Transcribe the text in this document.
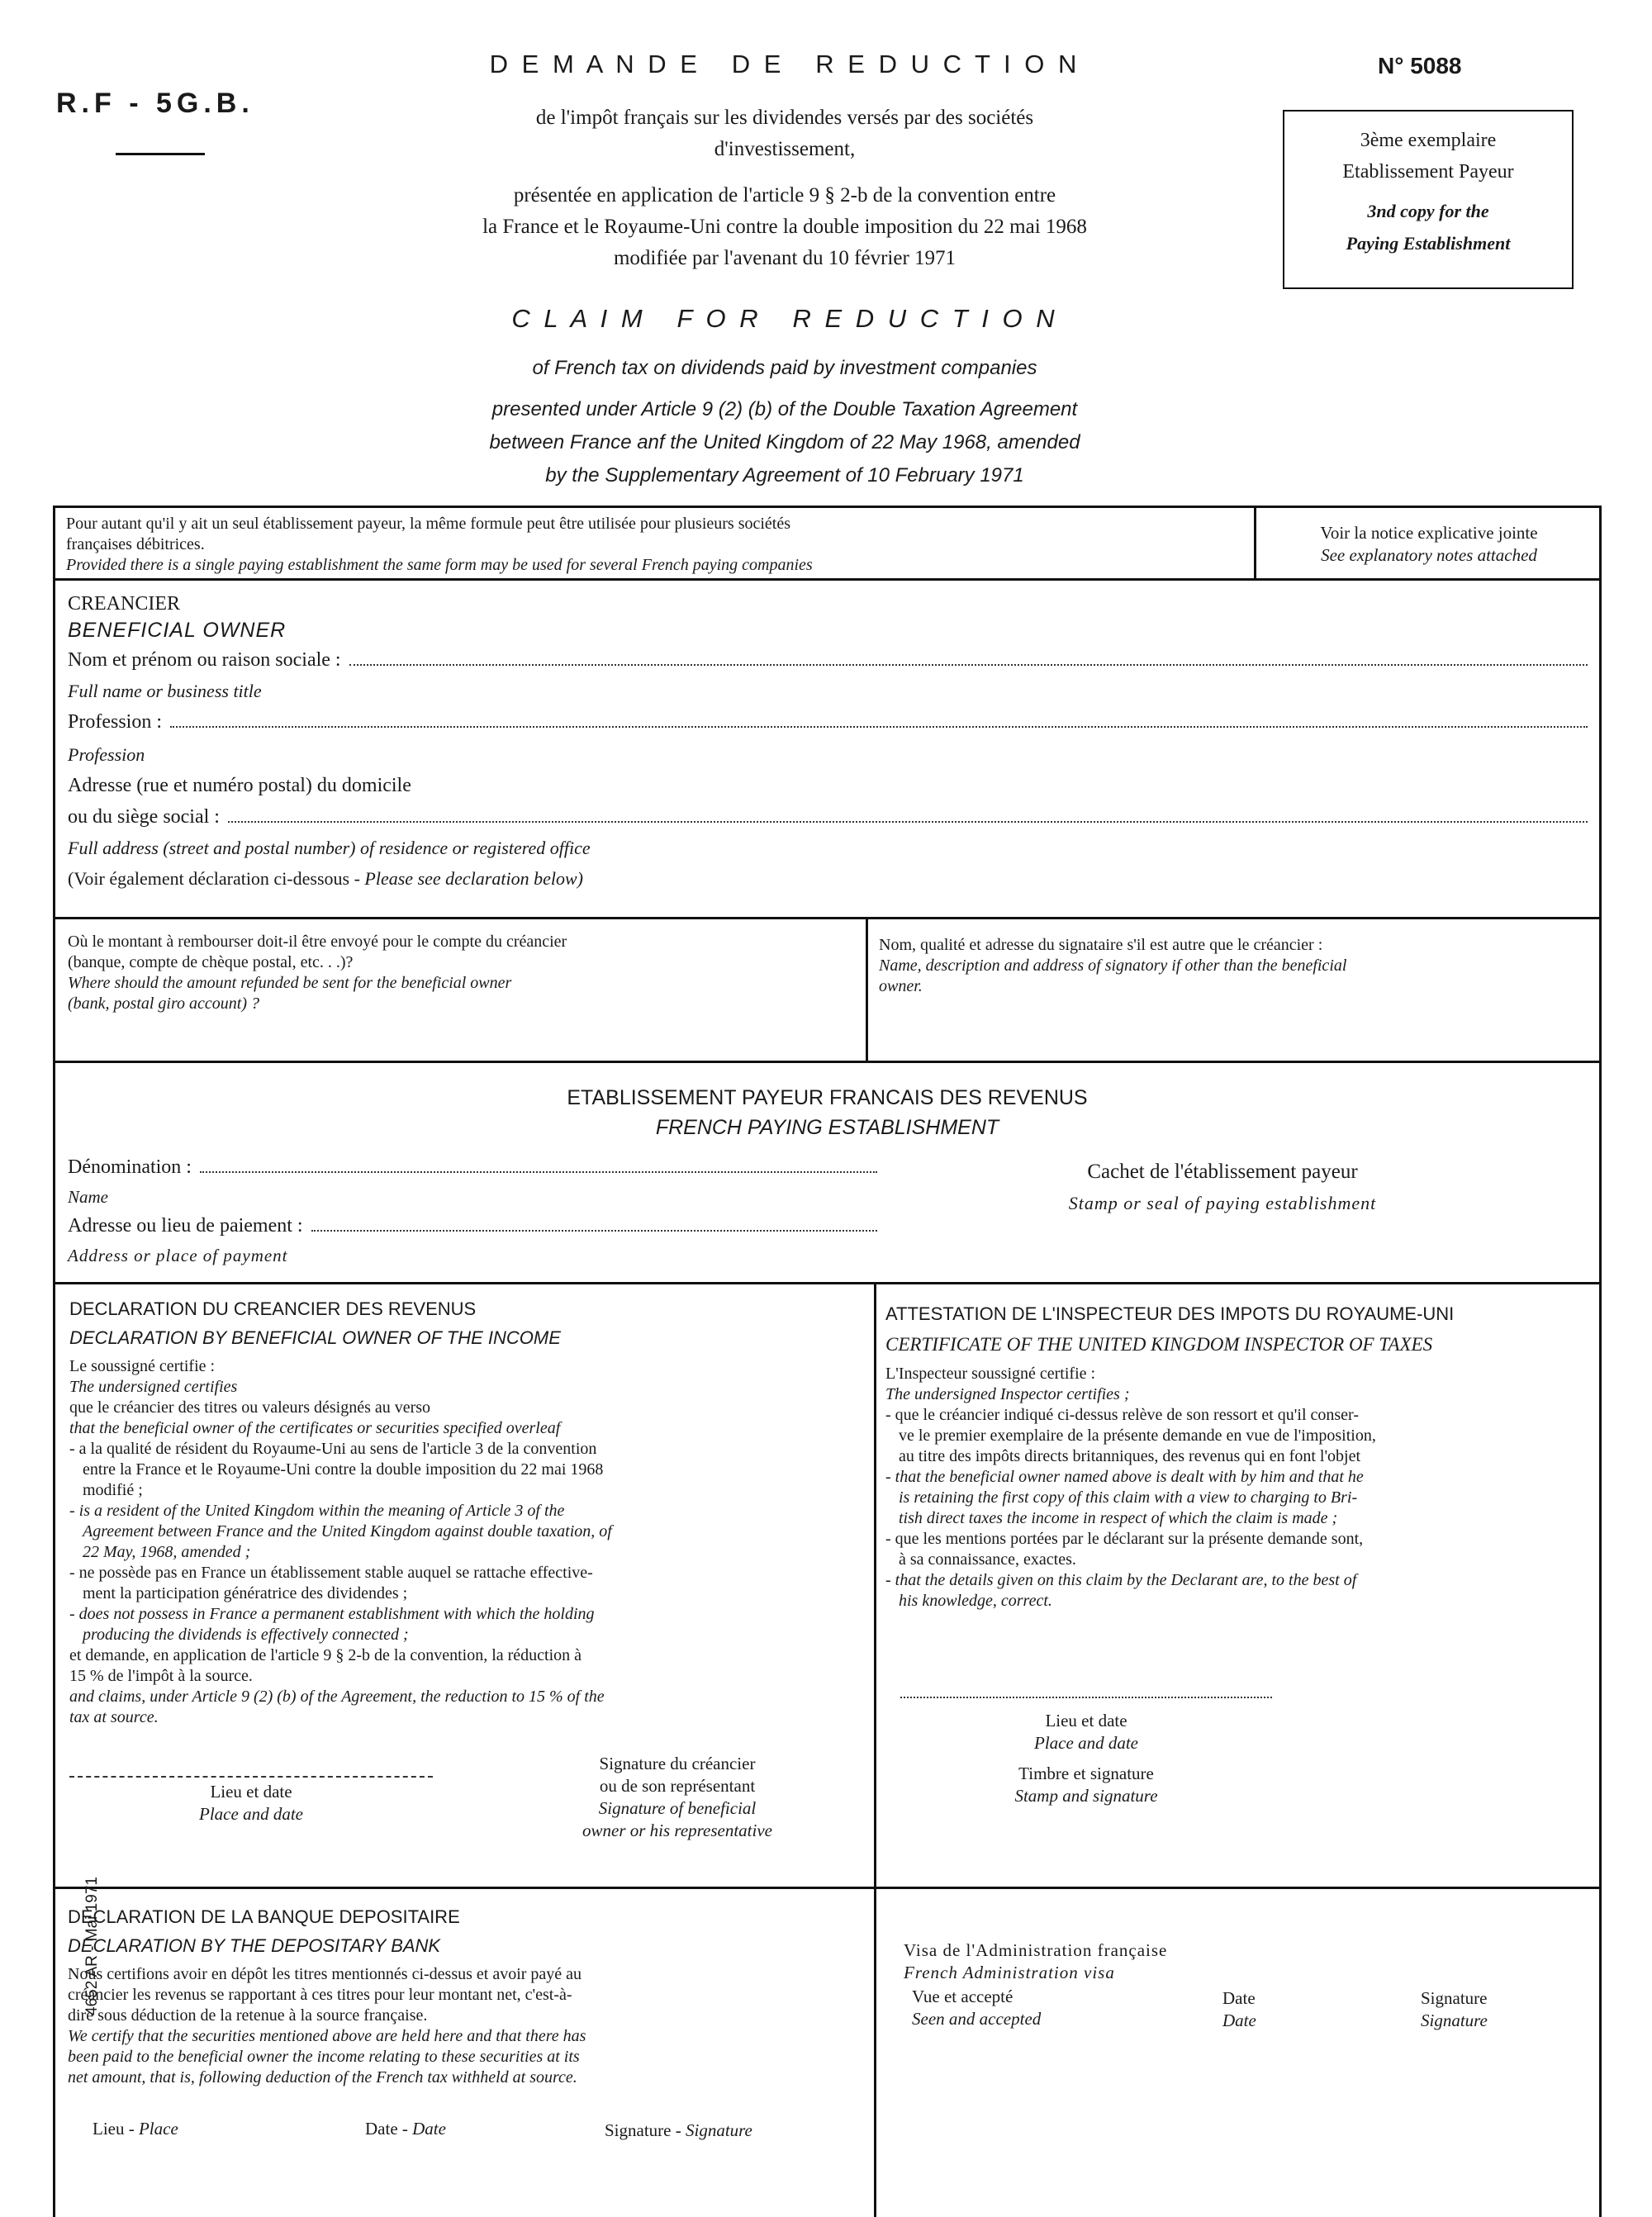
R.F - 5G.B.
D E M A N D E   D E   R E D U C T I O N	N° 5088
de l'impôt français sur les dividendes versés par des sociétés
d'investissement,
présentée en application de l'article 9 § 2-b de la convention entre
la France et le Royaume-Uni contre la double imposition du 22 mai 1968
modifiée par l'avenant du 10 février 1971
3ème exemplaire
Etablissement Payeur
3nd copy for the
Paying Establishment
C L A I M   F O R   R E D U C T I O N
of French tax on dividends paid by investment companies
presented under Article 9 (2) (b) of the Double Taxation Agreement
between France anf the United Kingdom of 22 May 1968, amended
by the Supplementary Agreement of 10 February 1971
Pour autant qu'il y ait un seul établissement payeur, la même formule peut être utilisée pour plusieurs sociétés
françaises débitrices.
Provided there is a single paying establishment the same form may be used for several French paying companies
Voir la notice explicative jointe
See explanatory notes attached
CREANCIER
BENEFICIAL OWNER
Nom et prénom ou raison sociale :
Full name or business title
Profession :
Profession
Adresse (rue et numéro postal) du domicile
ou du siège social :
Full address (street and postal number) of residence or registered office
(Voir également déclaration ci-dessous - Please see declaration below)
Où le montant à rembourser doit-il être envoyé pour le compte du créancier
(banque, compte de chèque postal, etc. . .)?
Where should the amount refunded be sent for the beneficial owner
(bank, postal giro account) ?
Nom, qualité et adresse du signataire s'il est autre que le créancier :
Name, description and address of signatory if other than the beneficial
owner.
ETABLISSEMENT PAYEUR FRANCAIS DES REVENUS
FRENCH PAYING ESTABLISHMENT
Dénomination :
Name
Adresse ou lieu de paiement :
Address or place of payment
Cachet de l'établissement payeur
Stamp or seal of paying establishment
DECLARATION DU CREANCIER DES REVENUS
DECLARATION BY BENEFICIAL OWNER OF THE INCOME
Le soussigné certifie :
The undersigned certifies
que le créancier des titres ou valeurs désignés au verso
that the beneficial owner of the certificates or securities specified overleaf
- a la qualité de résident du Royaume-Uni au sens de l'article 3 de la convention
entre la France et le Royaume-Uni contre la double imposition du 22 mai 1968
modifié ;
- is a resident of the United Kingdom within the meaning of Article 3 of the
Agreement between France and the United Kingdom against double taxation, of
22 May, 1968, amended ;
- ne possède pas en France un établissement stable auquel se rattache effective-
ment la participation génératrice des dividendes ;
- does not possess in France a permanent establishment with which the holding
producing the dividends is effectively connected ;
et demande, en application de l'article 9 § 2-b de la convention, la réduction à
15 % de l'impôt à la source.
and claims, under Article 9 (2) (b) of the Agreement, the reduction to 15 % of the
tax at source.
Lieu et date
Place and date
Signature du créancier
ou de son représentant
Signature of beneficial
owner or his representative
ATTESTATION DE L'INSPECTEUR DES IMPOTS DU ROYAUME-UNI
CERTIFICATE OF THE UNITED KINGDOM INSPECTOR OF TAXES
L'Inspecteur soussigné certifie :
The undersigned Inspector certifies ;
- que le créancier indiqué ci-dessus relève de son ressort et qu'il conser-
ve le premier exemplaire de la présente demande en vue de l'imposition,
au titre des impôts directs britanniques, des revenus qui en font l'objet
- that the beneficial owner named above is dealt with by him and that he
is retaining the first copy of this claim with a view to charging to Bri-
tish direct taxes the income in respect of which the claim is made ;
- que les mentions portées par le déclarant sur la présente demande sont,
à sa connaissance, exactes.
- that the details given on this claim by the Declarant are, to the best of
his knowledge, correct.
Lieu et date
Place and date
Timbre et signature
Stamp and signature
DECLARATION DE LA BANQUE DEPOSITAIRE
DECLARATION BY THE DEPOSITARY BANK
Nous certifions avoir en dépôt les titres mentionnés ci-dessus et avoir payé au
créancier les revenus se rapportant à ces titres pour leur montant net, c'est-à-
dire sous déduction de la retenue à la source française.
We certify that the securities mentioned above are held here and that there has
been paid to the beneficial owner the income relating to these securities at its
net amount, that is, following deduction of the French tax withheld at source.
Lieu - Place	Date - Date	Signature - Signature
Visa de l'Administration française
French Administration visa
Vue et accepté
Seen and accepted
Date
Date
Signature
Signature
4652 AR - Mai 1971
